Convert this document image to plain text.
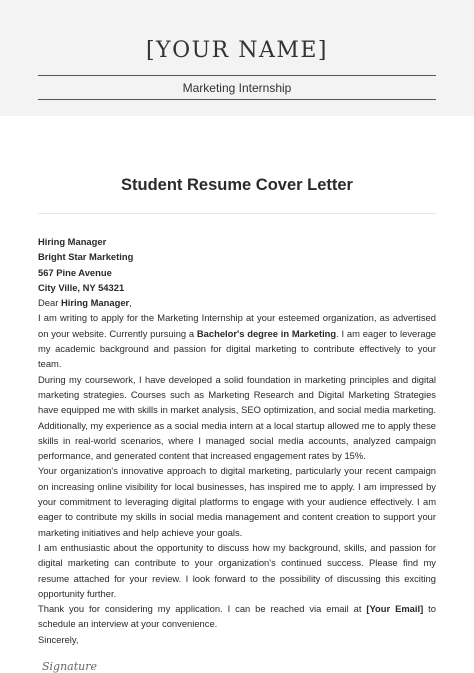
[YOUR NAME]
Marketing Internship
Student Resume Cover Letter
Hiring Manager
Bright Star Marketing
567 Pine Avenue
City Ville, NY 54321

Dear Hiring Manager,

I am writing to apply for the Marketing Internship at your esteemed organization, as advertised on your website. Currently pursuing a Bachelor's degree in Marketing. I am eager to leverage my academic background and passion for digital marketing to contribute effectively to your team.

During my coursework, I have developed a solid foundation in marketing principles and digital marketing strategies. Courses such as Marketing Research and Digital Marketing Strategies have equipped me with skills in market analysis, SEO optimization, and social media marketing. Additionally, my experience as a social media intern at a local startup allowed me to apply these skills in real-world scenarios, where I managed social media accounts, analyzed campaign performance, and generated content that increased engagement rates by 15%.

Your organization's innovative approach to digital marketing, particularly your recent campaign on increasing online visibility for local businesses, has inspired me to apply. I am impressed by your commitment to leveraging digital platforms to engage with your audience effectively. I am eager to contribute my skills in social media management and content creation to support your marketing initiatives and help achieve your goals.

I am enthusiastic about the opportunity to discuss how my background, skills, and passion for digital marketing can contribute to your organization's continued success. Please find my resume attached for your review. I look forward to the possibility of discussing this exciting opportunity further.

Thank you for considering my application. I can be reached via email at [Your Email] to schedule an interview at your convenience.

Sincerely,

Signature
